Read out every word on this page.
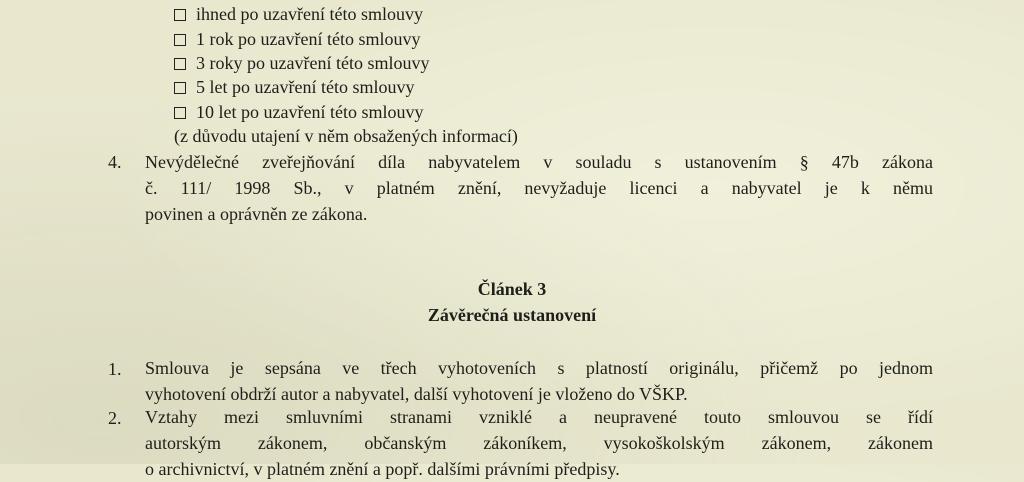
ihned po uzavření této smlouvy
1 rok po uzavření této smlouvy
3 roky po uzavření této smlouvy
5 let po uzavření této smlouvy
10 let po uzavření této smlouvy
(z důvodu utajení v něm obsažených informací)
4. Nevýdělečné zveřejňování díla nabyvatelem v souladu s ustanovením § 47b zákona
č. 111/ 1998 Sb., v platném znění, nevyžaduje licenci a nabyvatel je k němu
povinen a oprávněn ze zákona.
Článek 3
Závěrečná ustanovení
1. Smlouva je sepsána ve třech vyhotoveních s platností originálu, přičemž po jednom
vyhotovení obdrží autor a nabyvatel, další vyhotovení je vloženo do VŠKP.
2. Vztahy mezi smluvními stranami vzniklé a neupravené touto smlouvou se řídí
autorským zákonem, občanským zákoníkem, vysokoškolským zákonem, zákonem
o archivnictví, v platném znění a popř. dalšími právními předpisy.
